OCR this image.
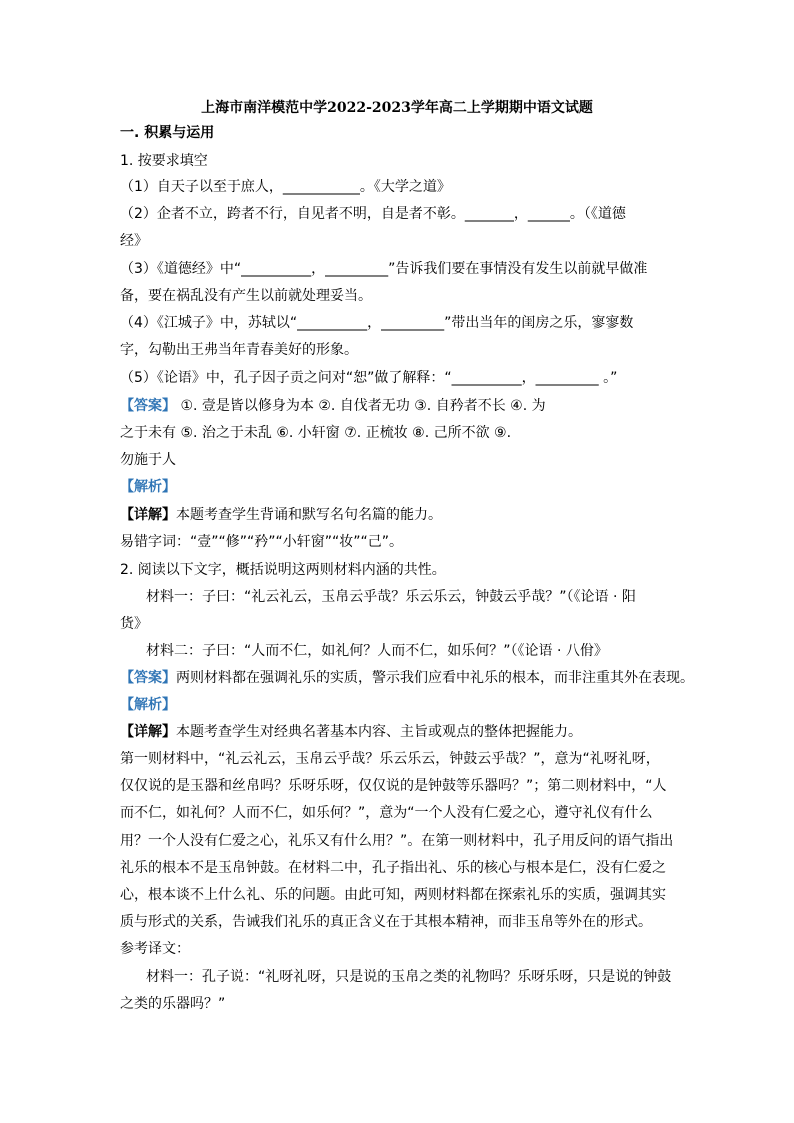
上海市南洋模范中学2022-2023学年高二上学期期中语文试题
一. 积累与运用
1. 按要求填空
（1）自天子以至于庶人，___________。《大学之道》
（2）企者不立，跨者不行，自见者不明，自是者不彰。_______，______。（《道德
经》
（3）《道德经》中“__________，_________”告诉我们要在事情没有发生以前就早做准
备，要在祸乱没有产生以前就处理妥当。
（4）《江城子》中，苏轼以“__________，_________”带出当年的闺房之乐，寥寥数
字，勾勒出王弗当年青春美好的形象。
（5）《论语》中，孔子因子贡之问对“恕”做了解释：“__________，_________ 。”
【答案】 ①. 壹是皆以修身为本 ②. 自伐者无功 ③. 自矜者不长 ④. 为
之于未有 ⑤. 治之于未乱 ⑥. 小轩窗 ⑦. 正梳妆 ⑧. 己所不欲 ⑨.
勿施于人
【解析】
【详解】本题考查学生背诵和默写名句名篇的能力。
易错字词：“壹”“修”“矜”“小轩窗”“妆”“己”。
2. 阅读以下文字，概括说明这两则材料内涵的共性。
材料一：子曰：“礼云礼云，玉帛云乎哉？乐云乐云，钟鼓云乎哉？”（《论语 · 阳
货》
材料二：子曰：“人而不仁，如礼何？人而不仁，如乐何？”（《论语 · 八佾》
【答案】两则材料都在强调礼乐的实质，警示我们应看中礼乐的根本，而非注重其外在表现。
【解析】
【详解】本题考查学生对经典名著基本内容、主旨或观点的整体把握能力。
第一则材料中，“礼云礼云，玉帛云乎哉？乐云乐云，钟鼓云乎哉？”，意为“礼呀礼呀，
仅仅说的是玉器和丝帛吗？乐呀乐呀，仅仅说的是钟鼓等乐器吗？”；第二则材料中，“人
而不仁，如礼何？人而不仁，如乐何？”，意为“一个人没有仁爱之心，遵守礼仪有什么
用？一个人没有仁爱之心，礼乐又有什么用？”。在第一则材料中，孔子用反问的语气指出
礼乐的根本不是玉帛钟鼓。在材料二中，孔子指出礼、乐的核心与根本是仁，没有仁爱之
心，根本谈不上什么礼、乐的问题。由此可知，两则材料都在探索礼乐的实质，强调其实
质与形式的关系，告诫我们礼乐的真正含义在于其根本精神，而非玉帛等外在的形式。
参考译文：
材料一：孔子说：“礼呀礼呀，只是说的玉帛之类的礼物吗？乐呀乐呀，只是说的钟鼓
之类的乐器吗？”
